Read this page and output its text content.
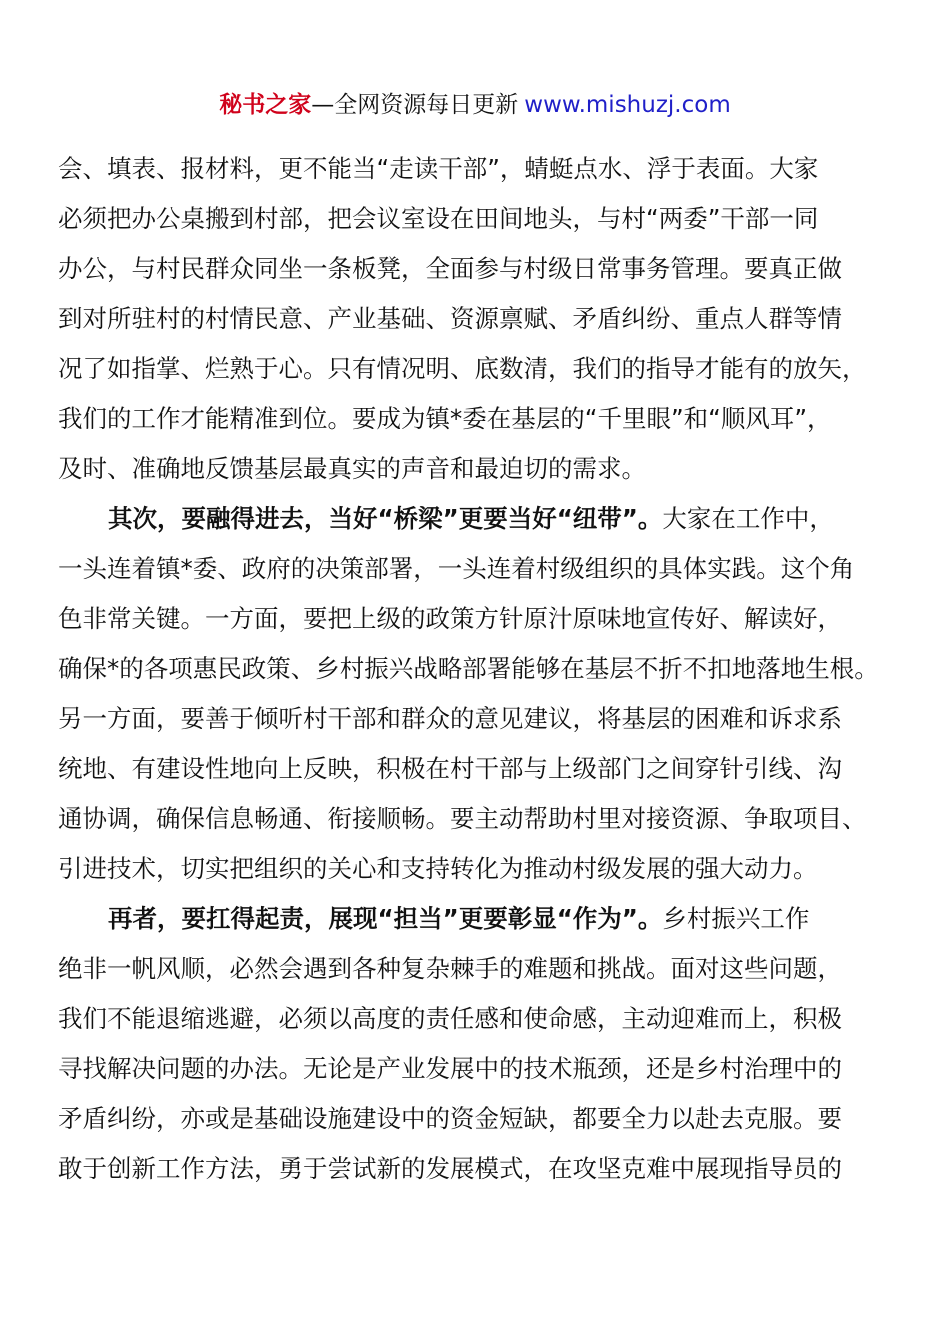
秘书之家—全网资源每日更新 www.mishuzj.com
会、填表、报材料，更不能当“走读干部”，蜻蜓点水、浮于表面。大家
必须把办公桌搬到村部，把会议室设在田间地头，与村“两委”干部一同
办公，与村民群众同坐一条板凳，全面参与村级日常事务管理。要真正做
到对所驻村的村情民意、产业基础、资源禀赋、矛盾纠纷、重点人群等情
况了如指掌、烂熟于心。只有情况明、底数清，我们的指导才能有的放矢，
我们的工作才能精准到位。要成为镇*委在基层的“千里眼”和“顺风耳”，
及时、准确地反馈基层最真实的声音和最迫切的需求。
其次，要融得进去，当好“桥梁”更要当好“纽带”。大家在工作中，
一头连着镇*委、政府的决策部署，一头连着村级组织的具体实践。这个角
色非常关键。一方面，要把上级的政策方针原汁原味地宣传好、解读好，
确保*的各项惠民政策、乡村振兴战略部署能够在基层不折不扣地落地生根。
另一方面，要善于倾听村干部和群众的意见建议，将基层的困难和诉求系
统地、有建设性地向上反映，积极在村干部与上级部门之间穿针引线、沟
通协调，确保信息畅通、衔接顺畅。要主动帮助村里对接资源、争取项目、
引进技术，切实把组织的关心和支持转化为推动村级发展的强大动力。
再者，要扛得起责，展现“担当”更要彰显“作为”。乡村振兴工作
绝非一帆风顺，必然会遇到各种复杂棘手的难题和挑战。面对这些问题，
我们不能退缩逃避，必须以高度的责任感和使命感，主动迎难而上，积极
寻找解决问题的办法。无论是产业发展中的技术瓶颈，还是乡村治理中的
矛盾纠纷，亦或是基础设施建设中的资金短缺，都要全力以赴去克服。要
敢于创新工作方法，勇于尝试新的发展模式，在攻坚克难中展现指导员的
